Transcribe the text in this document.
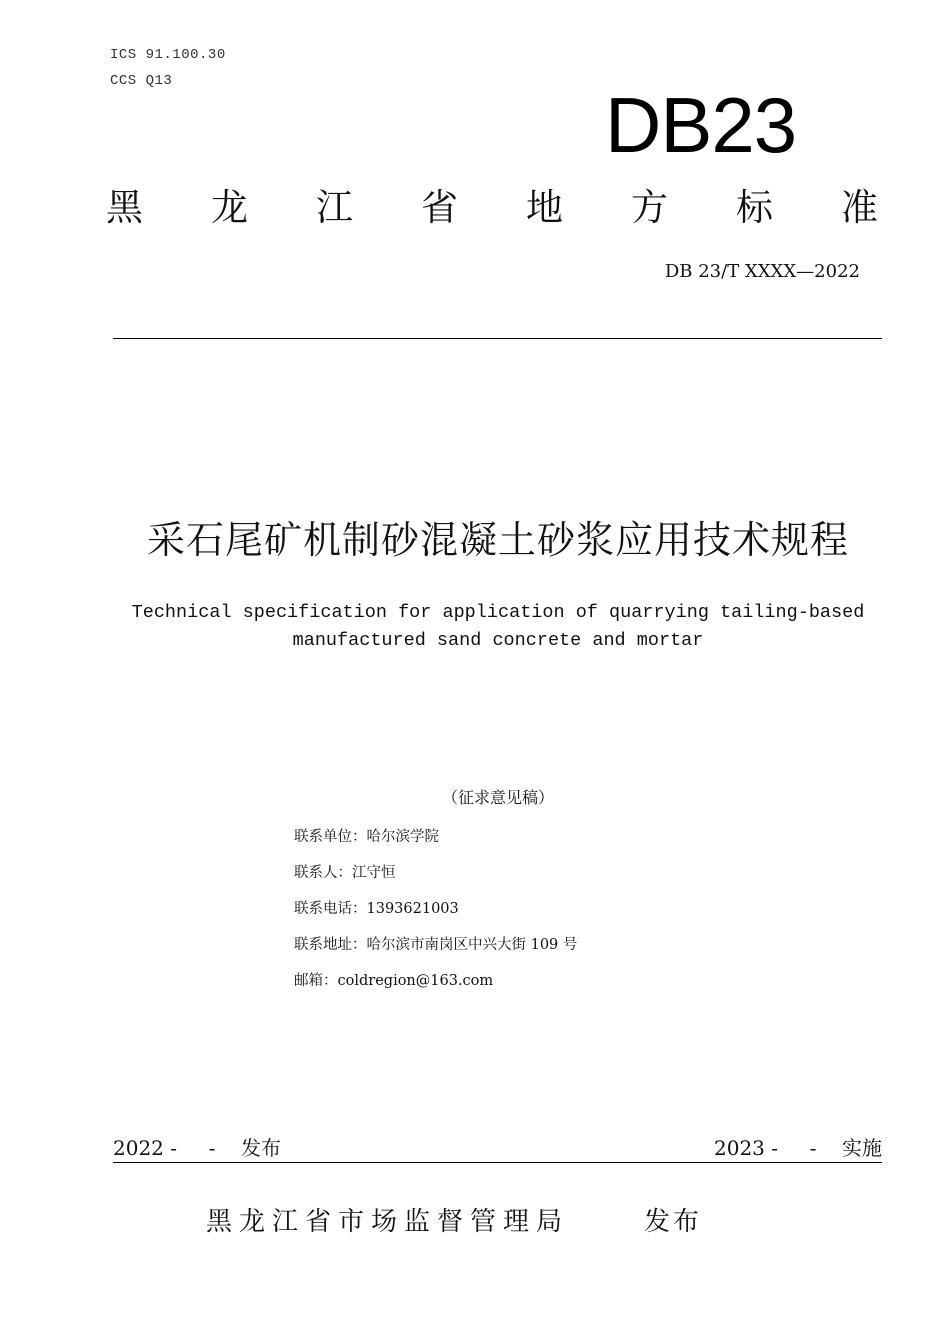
ICS 91.100.30
CCS Q13	DB23
黑 龙 江 省 地 方 标 准
DB 23/T XXXX—2022
采石尾矿机制砂混凝土砂浆应用技术规程
Technical specification for application of quarrying tailing-based
manufactured sand concrete and mortar
（征求意见稿）
联系单位：哈尔滨学院
联系人：江守恒
联系电话：1393621003
联系地址：哈尔滨市南岗区中兴大街 109 号
邮箱：coldregion@163.com
2022 -     -    发布	2023 -     -    实施
黑龙江省市场监督管理局	发布
